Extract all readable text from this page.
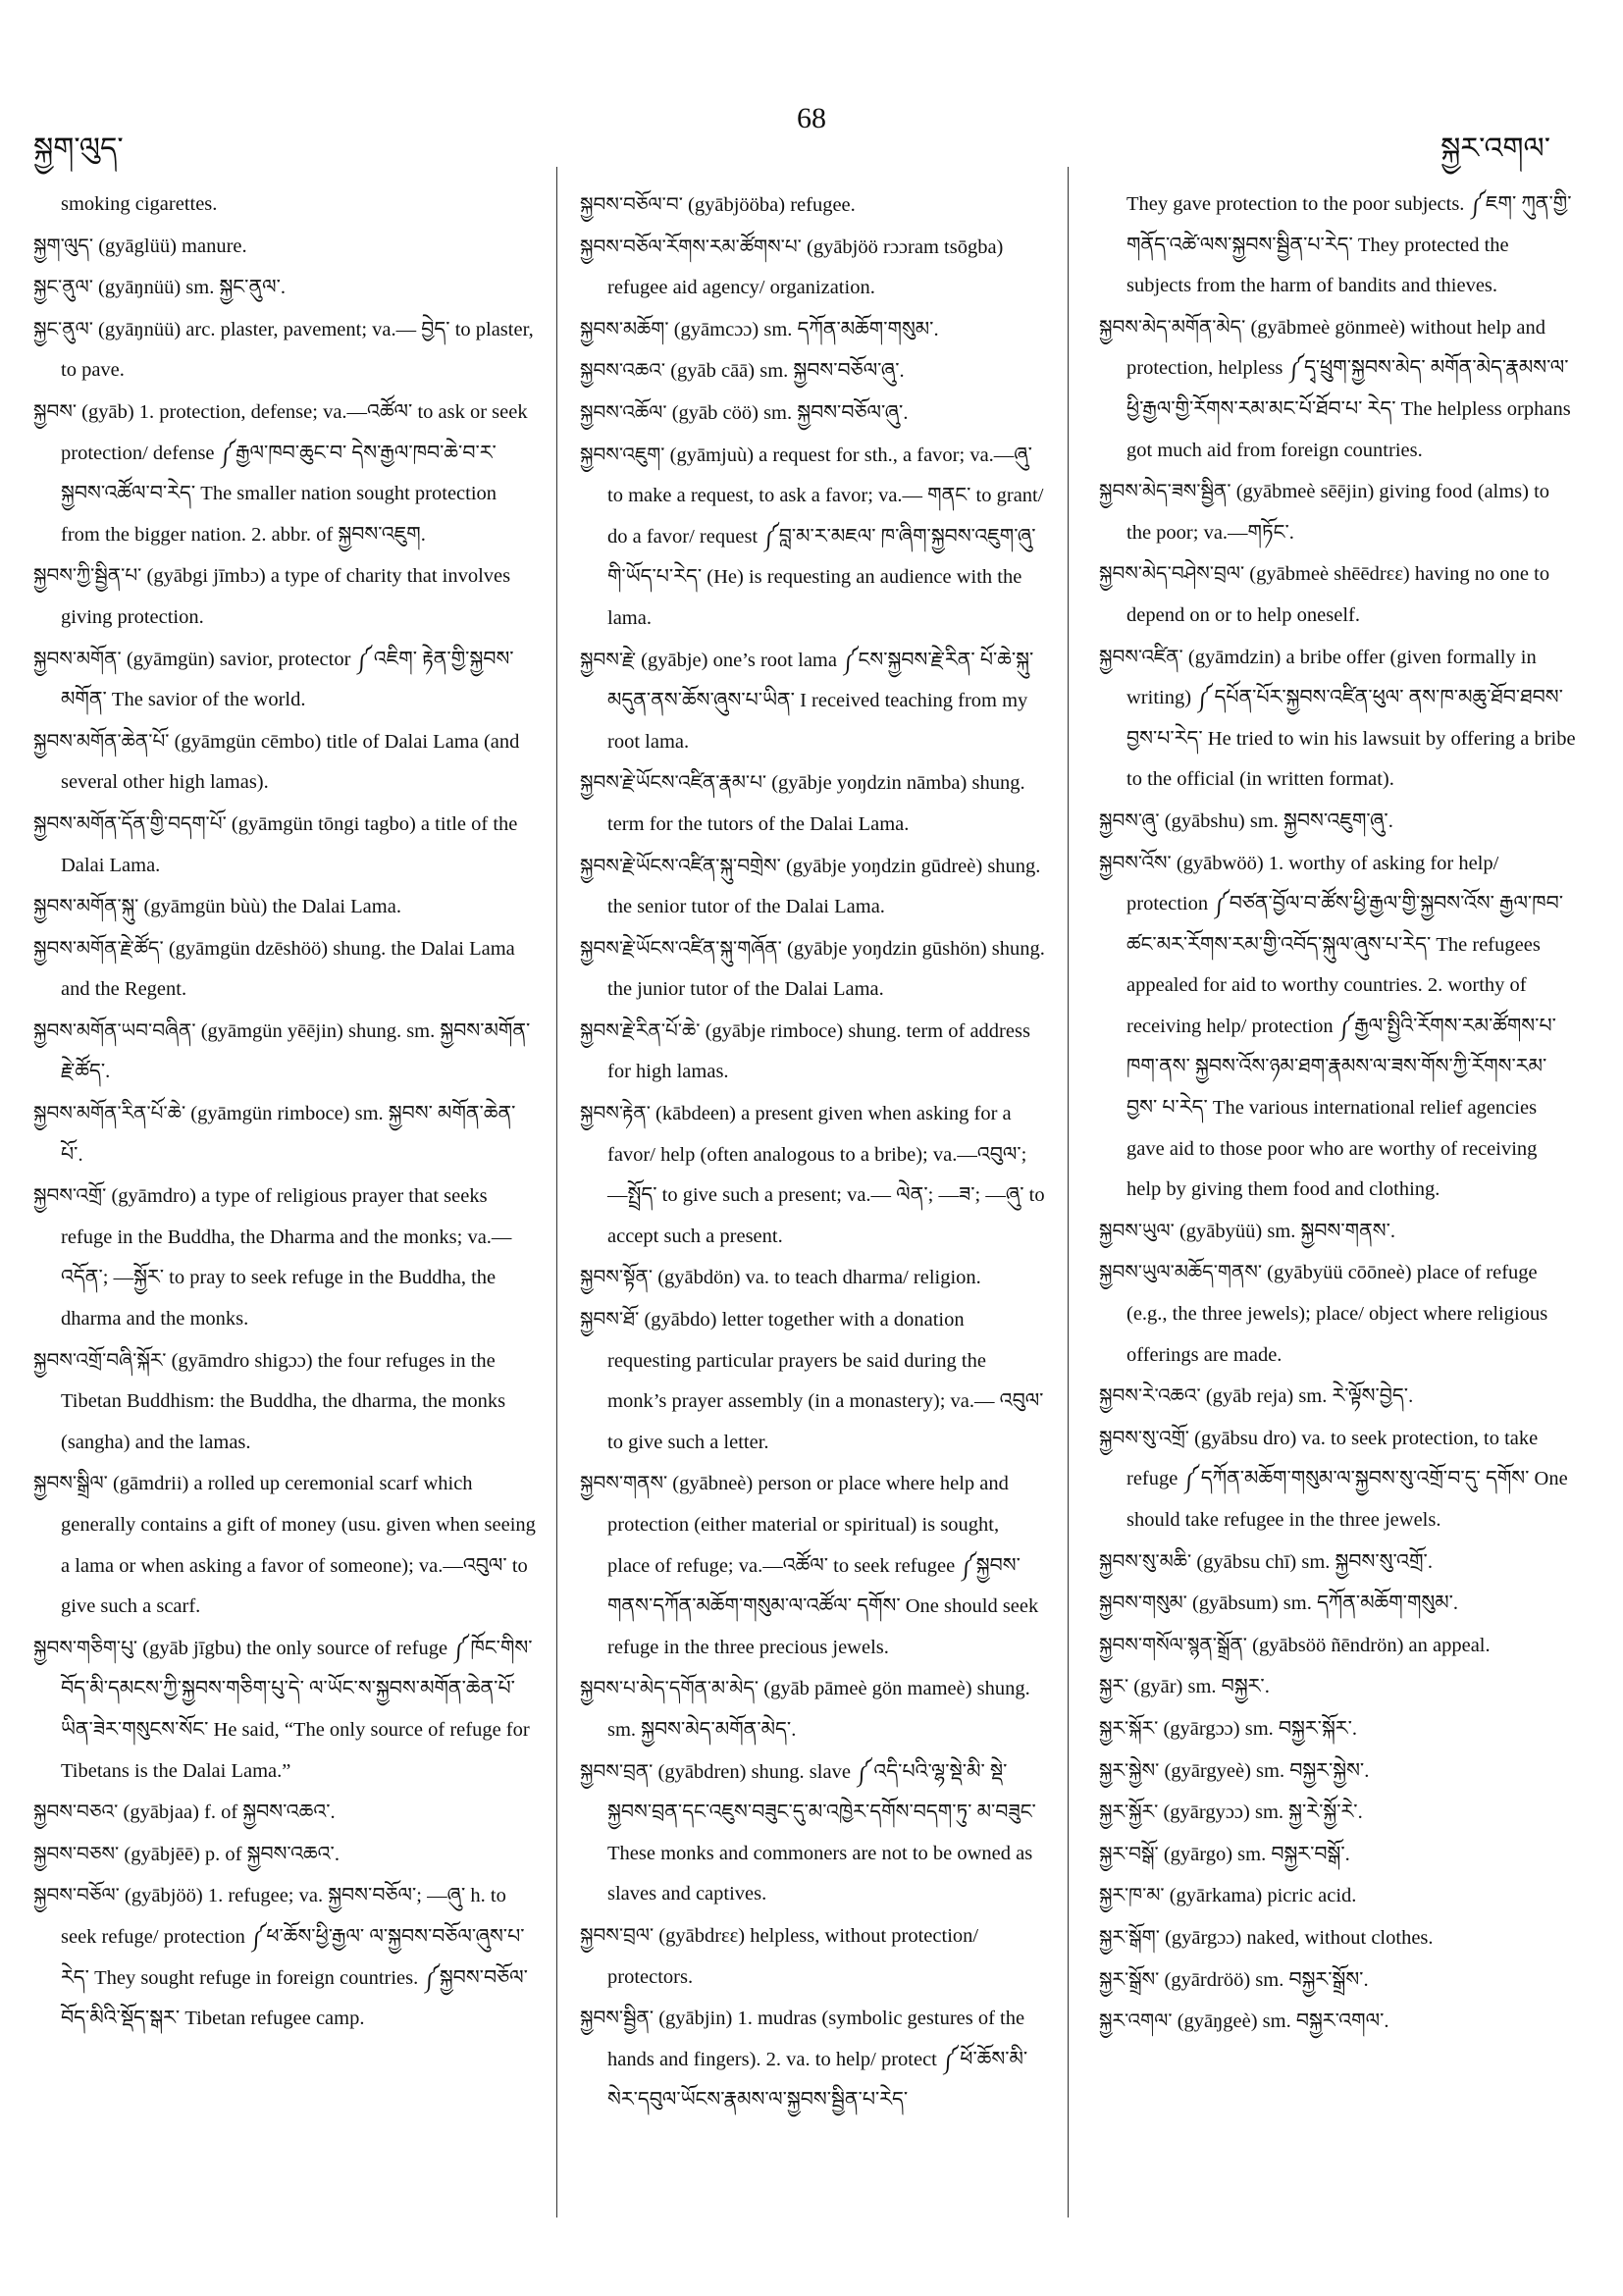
སྐྱག་ལུད་
68
སྐྱར་འགལ་

smoking cigarettes.

སྐྱག་ལུད་ (gyāglüü) manure.

སྐྱང་ནུལ་ (gyāŋnüü) sm. སྐྱང་ནུལ་.

སྐྱང་ནུལ་ (gyāŋnüü) arc. plaster, pavement; va.— བྱེད་ to plaster, to pave.

སྐྱབས་ (gyāb) 1. protection, defense; va.—འཚོལ་ to ask or seek protection/ defense ༼རྒྱལ་ཁབ་ཆུང་བ་ དེས་རྒྱལ་ཁབ་ཆེ་བ་ར་སྐྱབས་འཚོལ་བ་རེད་ The smaller nation sought protection from the bigger nation. 2. abbr. of སྐྱབས་འཇུག.

སྐྱབས་ཀྱི་སྦྱིན་པ་ (gyābgi jīmbɔ) a type of charity that involves giving protection.

སྐྱབས་མགོན་ (gyāmgün) savior, protector ༼འཇིག་ རྟེན་གྱི་སྐྱབས་མགོན་ The savior of the world.

སྐྱབས་མགོན་ཆེན་པོ་ (gyāmgün cēmbo) title of Dalai Lama (and several other high lamas).

སྐྱབས་མགོན་དོན་གྱི་བདག་པོ་ (gyāmgün tōngi tagbo) a title of the Dalai Lama.

སྐྱབས་མགོན་སྐུ་ (gyāmgün bùù) the Dalai Lama.

སྐྱབས་མགོན་རྗེ་ཚོད་ (gyāmgün dzēshöö) shung. the Dalai Lama and the Regent.

སྐྱབས་མགོན་ཡབ་བཞིན་ (gyāmgün yēējin) shung. sm. སྐྱབས་མགོན་རྗེ་ཚོད་.

སྐྱབས་མགོན་རིན་པོ་ཆེ་ (gyāmgün rimboce) sm. སྐྱབས་ མགོན་ཆེན་པོ་.

སྐྱབས་འགྲོ་ (gyāmdro) a type of religious prayer that seeks refuge in the Buddha, the Dharma and the monks; va.—འདོན་; —སྐྱོར་ to pray to seek refuge in the Buddha, the dharma and the monks.

སྐྱབས་འགྲོ་བཞི་སྐོར་ (gyāmdro shigɔɔ) the four refuges in the Tibetan Buddhism: the Buddha, the dharma, the monks (sangha) and the lamas.

སྐྱབས་སྒྲིལ་ (gāmdrii) a rolled up ceremonial scarf which generally contains a gift of money (usu. given when seeing a lama or when asking a favor of someone); va.—འབུལ་ to give such a scarf.

སྐྱབས་གཅིག་པུ་ (gyāb jīgbu) the only source of refuge ༼ཁོང་གིས་བོད་མི་དམངས་ཀྱི་སྐྱབས་གཅིག་པུ་དེ་ ལ་ཡོང་ས་སྐྱབས་མགོན་ཆེན་པོ་ཡིན་ཟེར་གསུངས་སོང་ He said, “The only source of refuge for Tibetans is the Dalai Lama.”

སྐྱབས་བཅའ་ (gyābjaa) f. of སྐྱབས་འཆའ་.

སྐྱབས་བཅས་ (gyābjēē) p. of སྐྱབས་འཆའ་.

སྐྱབས་བཅོལ་ (gyābjöö) 1. refugee; va. སྐྱབས་བཅོལ་; —ཞུ་ h. to seek refuge/ protection ༼ཕ་ཆོས་ཕྱི་རྒྱལ་ ལ་སྐྱབས་བཅོལ་ཞུས་པ་རེད་ They sought refuge in foreign countries. ༼སྐྱབས་བཅོལ་བོད་མིའི་སྡོད་སྒར་ Tibetan refugee camp.

སྐྱབས་བཅོལ་བ་ (gyābjööba) refugee.

སྐྱབས་བཅོལ་རོགས་རམ་ཚོགས་པ་ (gyābjöö rɔɔram tsōgba) refugee aid agency/ organization.

སྐྱབས་མཆོག་ (gyāmcɔɔ) sm. དཀོན་མཆོག་གསུམ་.

སྐྱབས་འཆའ་ (gyāb cāā) sm. སྐྱབས་བཅོལ་ཞུ་.

སྐྱབས་འཆོལ་ (gyāb cöö) sm. སྐྱབས་བཅོལ་ཞུ་.

སྐྱབས་འཇུག་ (gyāmjuù) a request for sth., a favor; va.—ཞུ་ to make a request, to ask a favor; va.— གནང་ to grant/ do a favor/ request ༼བླ་མ་ར་མཇལ་ ཁ་ཞིག་སྐྱབས་འཇུག་ཞུ་གི་ཡོད་པ་རེད་ (He) is requesting an audience with the lama.

སྐྱབས་རྗེ་ (gyābje) one’s root lama ༼ངས་སྐྱབས་རྗེ་རིན་ པོ་ཆེ་སྐུ་མདུན་ནས་ཆོས་ཞུས་པ་ཡིན་ I received teaching from my root lama.

སྐྱབས་རྗེ་ཡོངས་འཛིན་རྣམ་པ་ (gyābje yoŋdzin nāmba) shung. term for the tutors of the Dalai Lama.

སྐྱབས་རྗེ་ཡོངས་འཛིན་སྐུ་བགྲེས་ (gyābje yoŋdzin gūdreè) shung. the senior tutor of the Dalai Lama.

སྐྱབས་རྗེ་ཡོངས་འཛིན་སྐུ་གཞོན་ (gyābje yoŋdzin gūshön) shung. the junior tutor of the Dalai Lama.

སྐྱབས་རྗེ་རིན་པོ་ཆེ་ (gyābje rimboce) shung. term of address for high lamas.

སྐྱབས་རྟེན་ (kābdeen) a present given when asking for a favor/ help (often analogous to a bribe); va.—འབུལ་; —སྤྲོད་ to give such a present; va.— ལེན་; —ཟ་; —ཞུ་ to accept such a present.

སྐྱབས་སྟོན་ (gyābdön) va. to teach dharma/ religion.

སྐྱབས་ཐོ་ (gyābdo) letter together with a donation requesting particular prayers be said during the monk’s prayer assembly (in a monastery); va.— འབུལ་ to give such a letter.

སྐྱབས་གནས་ (gyābneè) person or place where help and protection (either material or spiritual) is sought, place of refuge; va.—འཚོལ་ to seek refugee ༼སྐྱབས་གནས་དཀོན་མཆོག་གསུམ་ལ་འཚོལ་ དགོས་ One should seek refuge in the three precious jewels.

སྐྱབས་པ་མེད་དགོན་མ་མེད་ (gyāb pāmeè gön mameè) shung. sm. སྐྱབས་མེད་མགོན་མེད་.

སྐྱབས་བྲན་ (gyābdren) shung. slave ༼འདི་པའི་ལྷ་སྡེ་མི་ སྡེ་སྐྱབས་བྲན་དང་འཇུས་བཟུང་དུ་མ་འཁྱེར་དགོས་བདག་ཏུ་ མ་བཟུང་ These monks and commoners are not to be owned as slaves and captives.

སྐྱབས་བྲལ་ (gyābdrεε) helpless, without protection/ protectors.

སྐྱབས་སྦྱིན་ (gyābjin) 1. mudras (symbolic gestures of the hands and fingers). 2. va. to help/ protect ༼ཕོ་ཆོས་མི་སེར་དབུལ་ཡོངས་རྣམས་ལ་སྐྱབས་སྦྱིན་པ་རེད་

They gave protection to the poor subjects. ༼ཇག་ ཀུན་གྱི་གནོད་འཚེ་ལས་སྐྱབས་སྦྱིན་པ་རེད་ They protected the subjects from the harm of bandits and thieves.

སྐྱབས་མེད་མགོན་མེད་ (gyābmeè gönmeè) without help and protection, helpless ༼དྭ་ཕྲུག་སྐྱབས་མེད་ མགོན་མེད་རྣམས་ལ་ཕྱི་རྒྱལ་གྱི་རོགས་རམ་མང་པོ་ཐོབ་པ་ རེད་ The helpless orphans got much aid from foreign countries.

སྐྱབས་མེད་ཟས་སྦྱིན་ (gyābmeè sēējin) giving food (alms) to the poor; va.—གཏོང་.

སྐྱབས་མེད་བཤེས་བྲལ་ (gyābmeè shēēdrεε) having no one to depend on or to help oneself.

སྐྱབས་འཛིན་ (gyāmdzin) a bribe offer (given formally in writing) ༼དཔོན་པོར་སྐྱབས་འཛིན་ཕུལ་ ནས་ཁ་མཆུ་ཐོབ་ཐབས་བྱས་པ་རེད་ He tried to win his lawsuit by offering a bribe to the official (in written format).

སྐྱབས་ཞུ་ (gyābshu) sm. སྐྱབས་འཇུག་ཞུ་.

སྐྱབས་འོས་ (gyābwöö) 1. worthy of asking for help/ protection ༼བཙན་བྱོལ་བ་ཚོས་ཕྱི་རྒྱལ་གྱི་སྐྱབས་འོས་ རྒྱལ་ཁབ་ཚང་མར་རོགས་རམ་གྱི་འབོད་སྐུལ་ཞུས་པ་རེད་ The refugees appealed for aid to worthy countries. 2. worthy of receiving help/ protection ༼རྒྱལ་སྤྱིའི་རོགས་རམ་ཚོགས་པ་ཁག་ནས་ སྐྱབས་འོས་ཉམ་ཐག་རྣམས་ལ་ཟས་གོས་ཀྱི་རོགས་རམ་བྱས་ པ་རེད་ The various international relief agencies gave aid to those poor who are worthy of receiving help by giving them food and clothing.

སྐྱབས་ཡུལ་ (gyābyüü) sm. སྐྱབས་གནས་.

སྐྱབས་ཡུལ་མཆོད་གནས་ (gyābyüü cōōneè) place of refuge (e.g., the three jewels); place/ object where religious offerings are made.

སྐྱབས་རེ་འཆའ་ (gyāb reja) sm. རེ་ལྟོས་བྱེད་.

སྐྱབས་སུ་འགྲོ་ (gyābsu dro) va. to seek protection, to take refuge ༼དཀོན་མཆོག་གསུམ་ལ་སྐྱབས་སུ་འགྲོ་བ་དུ་ དགོས་ One should take refugee in the three jewels.

སྐྱབས་སུ་མཆི་ (gyābsu chī) sm. སྐྱབས་སུ་འགྲོ་.

སྐྱབས་གསུམ་ (gyābsum) sm. དཀོན་མཆོག་གསུམ་.

སྐྱབས་གསོལ་སྙན་སྒྲོན་ (gyābsöö ñēndrön) an appeal.

སྐྱར་ (gyār) sm. བསྐྱར་.

སྐྱར་སྐོར་ (gyārgɔɔ) sm. བསྐྱར་སྐོར་.

སྐྱར་སྐྱེས་ (gyārgyeè) sm. བསྐྱར་སྐྱེས་.

སྐྱར་སྐྱོར་ (gyārgyɔɔ) sm. སྐྱ་རེ་སྐྱོ་རེ་.

སྐྱར་བསྒོ་ (gyārgo) sm. བསྐྱར་བསྒོ་.

སྐྱར་ཁ་མ་ (gyārkama) picric acid.

སྐྱར་སྒོག་ (gyārgɔɔ) naked, without clothes.

སྐྱར་སྒྲོས་ (gyārdröö) sm. བསྐྱར་སྒྲོས་.

སྐྱར་འགལ་ (gyāŋgeè) sm. བསྐྱར་འགལ་.
